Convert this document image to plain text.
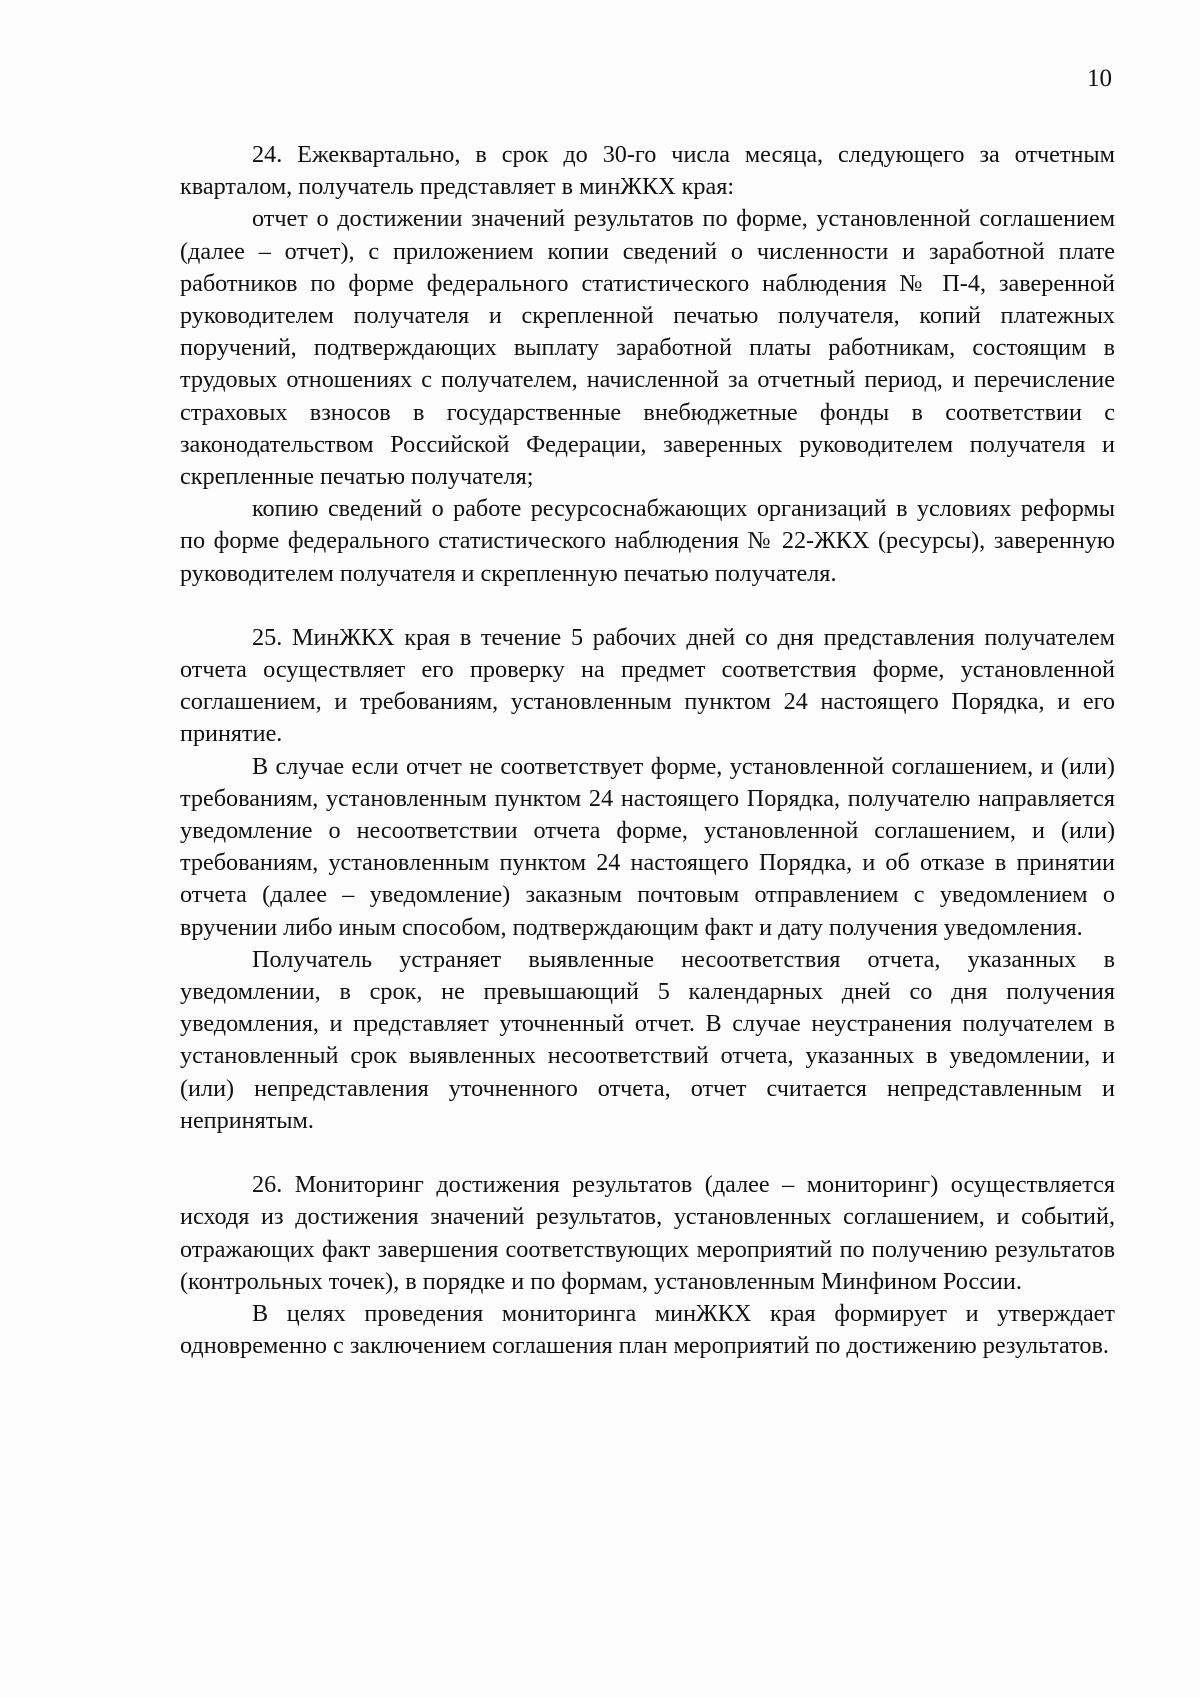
10

24. Ежеквартально, в срок до 30-го числа месяца, следующего за отчетным кварталом, получатель представляет в минЖКХ края:

отчет о достижении значений результатов по форме, установленной соглашением (далее – отчет), с приложением копии сведений о численности и заработной плате работников по форме федерального статистического наблюдения № П-4, заверенной руководителем получателя и скрепленной печатью получателя, копий платежных поручений, подтверждающих выплату заработной платы работникам, состоящим в трудовых отношениях с получателем, начисленной за отчетный период, и перечисление страховых взносов в государственные внебюджетные фонды в соответствии с законодательством Российской Федерации, заверенных руководителем получателя и скрепленные печатью получателя;

копию сведений о работе ресурсоснабжающих организаций в условиях реформы по форме федерального статистического наблюдения № 22-ЖКХ (ресурсы), заверенную руководителем получателя и скрепленную печатью получателя.

25. МинЖКХ края в течение 5 рабочих дней со дня представления получателем отчета осуществляет его проверку на предмет соответствия форме, установленной соглашением, и требованиям, установленным пунктом 24 настоящего Порядка, и его принятие.

В случае если отчет не соответствует форме, установленной соглашением, и (или) требованиям, установленным пунктом 24 настоящего Порядка, получателю направляется уведомление о несоответствии отчета форме, установленной соглашением, и (или) требованиям, установленным пунктом 24 настоящего Порядка, и об отказе в принятии отчета (далее – уведомление) заказным почтовым отправлением с уведомлением о вручении либо иным способом, подтверждающим факт и дату получения уведомления.

Получатель устраняет выявленные несоответствия отчета, указанных в уведомлении, в срок, не превышающий 5 календарных дней со дня получения уведомления, и представляет уточненный отчет. В случае неустранения получателем в установленный срок выявленных несоответствий отчета, указанных в уведомлении, и (или) непредставления уточненного отчета, отчет считается непредставленным и непринятым.

26. Мониторинг достижения результатов (далее – мониторинг) осуществляется исходя из достижения значений результатов, установленных соглашением, и событий, отражающих факт завершения соответствующих мероприятий по получению результатов (контрольных точек), в порядке и по формам, установленным Минфином России.

В целях проведения мониторинга минЖКХ края формирует и утверждает одновременно с заключением соглашения план мероприятий по достижению результатов.
